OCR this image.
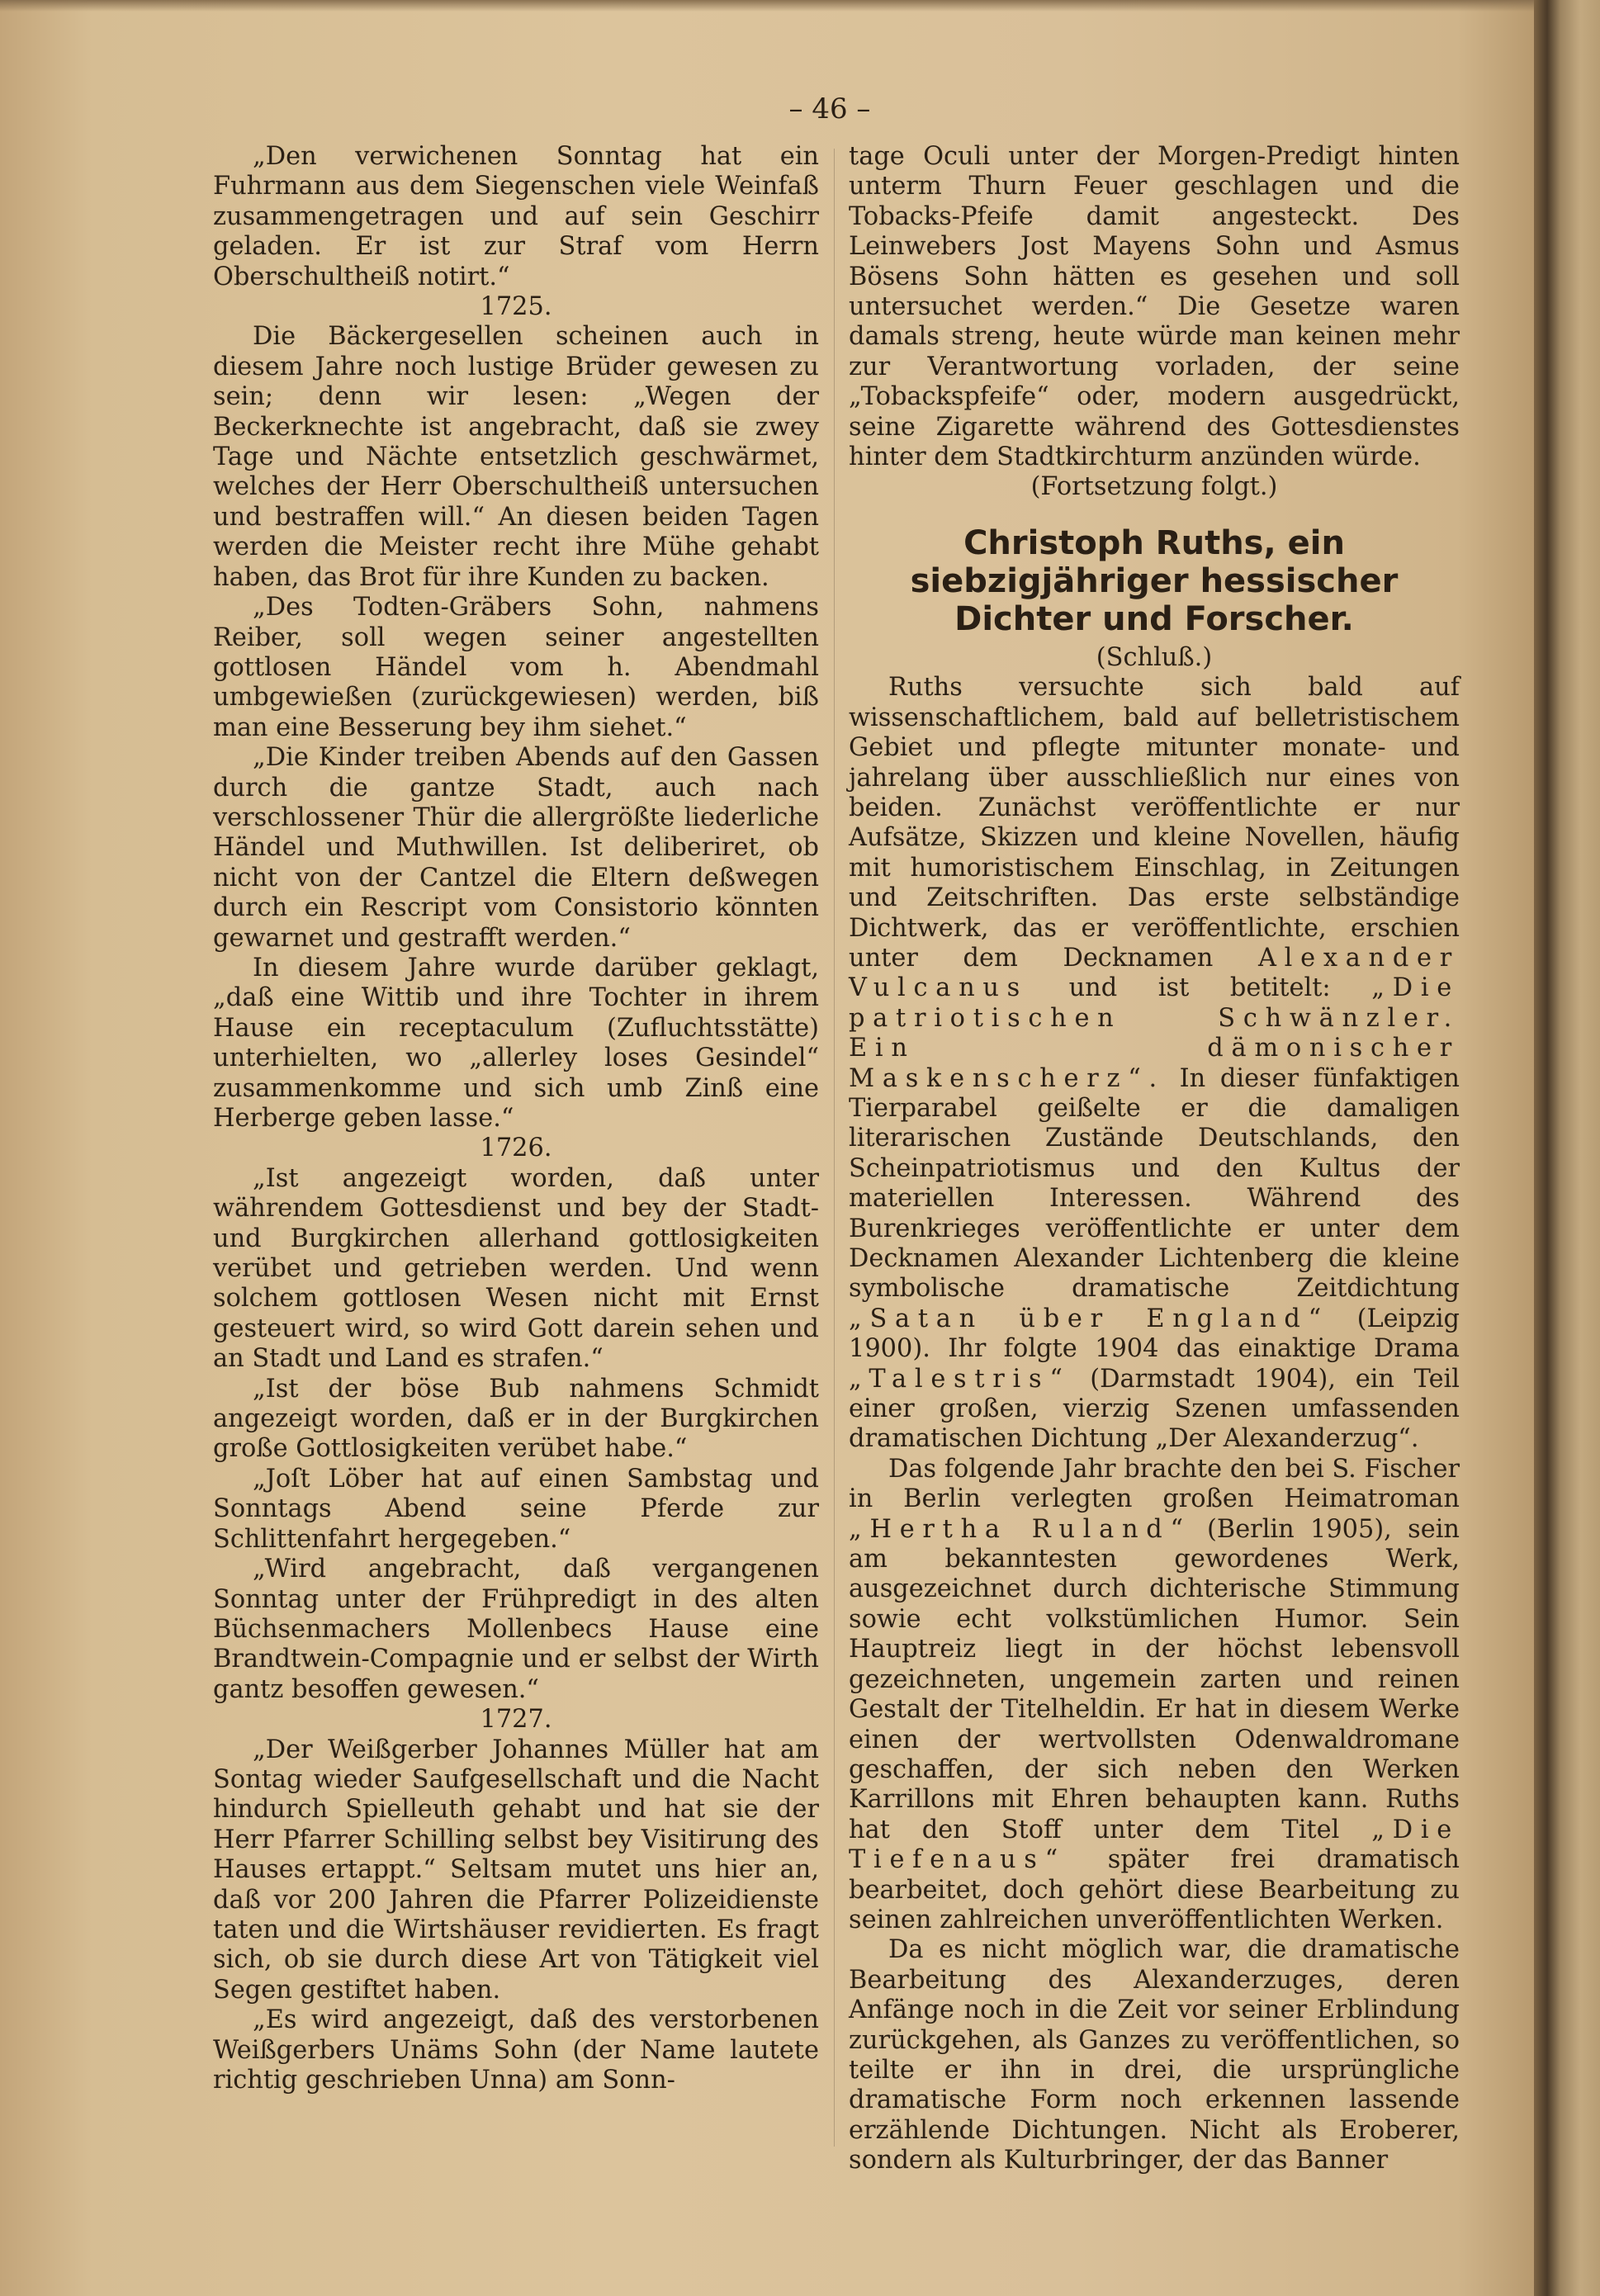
– 46 –

„Den verwichenen Sonntag hat ein Fuhrmann aus dem Siegenschen viele Weinfaß zusammengetragen und auf sein Geschirr geladen. Er ist zur Straf vom Herrn Oberschultheiß notirt.“

1725.

Die Bäckergesellen scheinen auch in diesem Jahre noch lustige Brüder gewesen zu sein; denn wir lesen: „Wegen der Beckerknechte ist angebracht, daß sie zwey Tage und Nächte entsetzlich geschwärmet, welches der Herr Oberschultheiß untersuchen und bestraffen will.“ An diesen beiden Tagen werden die Meister recht ihre Mühe gehabt haben, das Brot für ihre Kunden zu backen.

„Des Todten-Gräbers Sohn, nahmens Reiber, soll wegen seiner angestellten gottlosen Händel vom h. Abendmahl umbgewießen (zurückgewiesen) werden, biß man eine Besserung bey ihm siehet.“

„Die Kinder treiben Abends auf den Gassen durch die gantze Stadt, auch nach verschlossener Thür die allergrößte liederliche Händel und Muthwillen. Ist deliberiret, ob nicht von der Cantzel die Eltern deßwegen durch ein Rescript vom Consistorio könnten gewarnet und gestrafft werden.“

In diesem Jahre wurde darüber geklagt, „daß eine Wittib und ihre Tochter in ihrem Hause ein receptaculum (Zufluchtsstätte) unterhielten, wo „allerley loses Gesindel“ zusammenkomme und sich umb Zinß eine Herberge geben lasse.“

1726.

„Ist angezeigt worden, daß unter währendem Gottesdienst und bey der Stadt- und Burgkirchen allerhand gottlosigkeiten verübet und getrieben werden. Und wenn solchem gottlosen Wesen nicht mit Ernst gesteuert wird, so wird Gott darein sehen und an Stadt und Land es strafen.“

„Ist der böse Bub nahmens Schmidt angezeigt worden, daß er in der Burgkirchen große Gottlosigkeiten verübet habe.“

„Joſt Löber hat auf einen Sambstag und Sonntags Abend seine Pferde zur Schlittenfahrt hergegeben.“

„Wird angebracht, daß vergangenen Sonntag unter der Frühpredigt in des alten Büchsenmachers Mollenbecs Hause eine Brandtwein-Compagnie und er selbst der Wirth gantz besoffen gewesen.“

1727.

„Der Weißgerber Johannes Müller hat am Sontag wieder Saufgesellschaft und die Nacht hindurch Spielleuth gehabt und hat sie der Herr Pfarrer Schilling selbst bey Visitirung des Hauses ertappt.“ Seltsam mutet uns hier an, daß vor 200 Jahren die Pfarrer Polizeidienste taten und die Wirtshäuser revidierten. Es fragt sich, ob sie durch diese Art von Tätigkeit viel Segen gestiftet haben.

„Es wird angezeigt, daß des verstorbenen Weißgerbers Unäms Sohn (der Name lautete richtig geschrieben Unna) am Sonn-

tage Oculi unter der Morgen-Predigt hinten unterm Thurn Feuer geschlagen und die Tobacks-Pfeife damit angesteckt. Des Leinwebers Jost Mayens Sohn und Asmus Bösens Sohn hätten es gesehen und soll untersuchet werden.“ Die Gesetze waren damals streng, heute würde man keinen mehr zur Verantwortung vorladen, der seine „Tobackspfeife“ oder, modern ausgedrückt, seine Zigarette während des Gottesdienstes hinter dem Stadtkirchturm anzünden würde.

(Fortsetzung folgt.)

Christoph Ruths, ein siebzigjähriger hessischer Dichter und Forscher.

(Schluß.)

Ruths versuchte sich bald auf wissenschaftlichem, bald auf belletristischem Gebiet und pflegte mitunter monate- und jahrelang über ausschließlich nur eines von beiden. Zunächst veröffentlichte er nur Aufsätze, Skizzen und kleine Novellen, häufig mit humoristischem Einschlag, in Zeitungen und Zeitschriften. Das erste selbständige Dichtwerk, das er veröffentlichte, erschien unter dem Decknamen Alexander Vulcanus und ist betitelt: „Die patriotischen Schwänzler. Ein dämonischer Maskenscherz“. In dieser fünfaktigen Tierparabel geißelte er die damaligen literarischen Zustände Deutschlands, den Scheinpatriotismus und den Kultus der materiellen Interessen. Während des Burenkrieges veröffentlichte er unter dem Decknamen Alexander Lichtenberg die kleine symbolische dramatische Zeitdichtung „Satan über England“ (Leipzig 1900). Ihr folgte 1904 das einaktige Drama „Talestris“ (Darmstadt 1904), ein Teil einer großen, vierzig Szenen umfassenden dramatischen Dichtung „Der Alexanderzug“.

Das folgende Jahr brachte den bei S. Fischer in Berlin verlegten großen Heimatroman „Hertha Ruland“ (Berlin 1905), sein am bekanntesten gewordenes Werk, ausgezeichnet durch dichterische Stimmung sowie echt volkstümlichen Humor. Sein Hauptreiz liegt in der höchst lebensvoll gezeichneten, ungemein zarten und reinen Gestalt der Titelheldin. Er hat in diesem Werke einen der wertvollsten Odenwaldromane geschaffen, der sich neben den Werken Karrillons mit Ehren behaupten kann. Ruths hat den Stoff unter dem Titel „Die Tiefenaus“ später frei dramatisch bearbeitet, doch gehört diese Bearbeitung zu seinen zahlreichen unveröffentlichten Werken.

Da es nicht möglich war, die dramatische Bearbeitung des Alexanderzuges, deren Anfänge noch in die Zeit vor seiner Erblindung zurückgehen, als Ganzes zu veröffentlichen, so teilte er ihn in drei, die ursprüngliche dramatische Form noch erkennen lassende erzählende Dichtungen. Nicht als Eroberer, sondern als Kulturbringer, der das Banner
